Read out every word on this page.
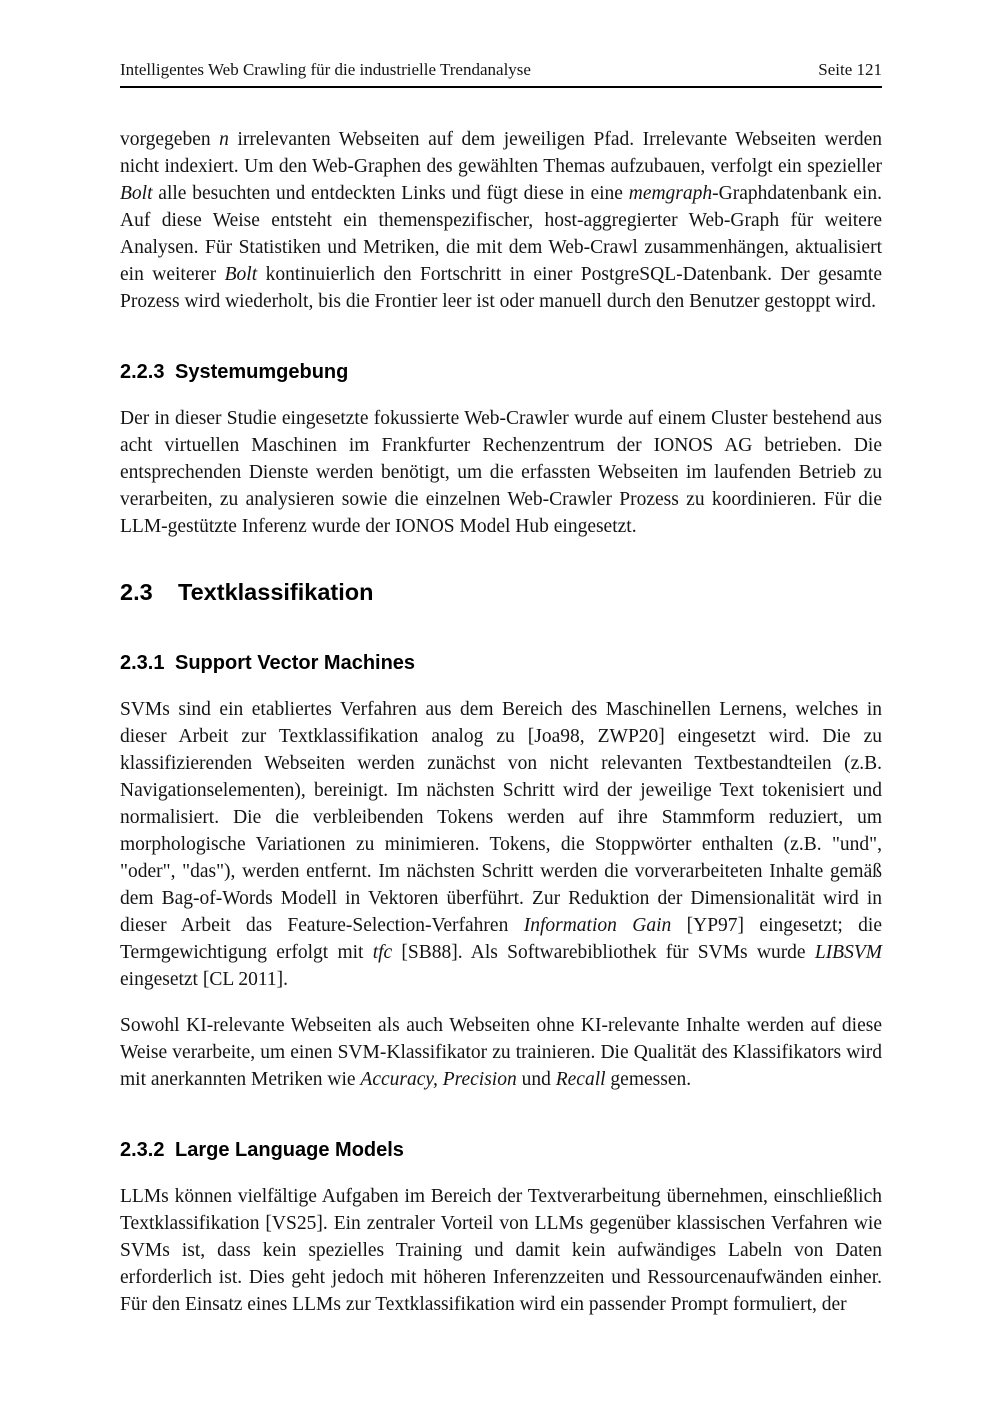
Intelligentes Web Crawling für die industrielle Trendanalyse	Seite 121

vorgegeben n irrelevanten Webseiten auf dem jeweiligen Pfad. Irrelevante Webseiten werden nicht indexiert. Um den Web-Graphen des gewählten Themas aufzubauen, verfolgt ein spezieller Bolt alle besuchten und entdeckten Links und fügt diese in eine memgraph-Graphdatenbank ein. Auf diese Weise entsteht ein themenspezifischer, host-aggregierter Web-Graph für weitere Analysen. Für Statistiken und Metriken, die mit dem Web-Crawl zusammenhängen, aktualisiert ein weiterer Bolt kontinuierlich den Fortschritt in einer PostgreSQL-Datenbank. Der gesamte Prozess wird wiederholt, bis die Frontier leer ist oder manuell durch den Benutzer gestoppt wird.

2.2.3 Systemumgebung

Der in dieser Studie eingesetzte fokussierte Web-Crawler wurde auf einem Cluster bestehend aus acht virtuellen Maschinen im Frankfurter Rechenzentrum der IONOS AG betrieben. Die entsprechenden Dienste werden benötigt, um die erfassten Webseiten im laufenden Betrieb zu verarbeiten, zu analysieren sowie die einzelnen Web-Crawler Prozess zu koordinieren. Für die LLM-gestützte Inferenz wurde der IONOS Model Hub eingesetzt.

2.3 Textklassifikation
2.3.1 Support Vector Machines

SVMs sind ein etabliertes Verfahren aus dem Bereich des Maschinellen Lernens, welches in dieser Arbeit zur Textklassifikation analog zu [Joa98, ZWP20] eingesetzt wird. Die zu klassifizierenden Webseiten werden zunächst von nicht relevanten Textbestandteilen (z.B. Navigationselementen), bereinigt. Im nächsten Schritt wird der jeweilige Text tokenisiert und normalisiert. Die die verbleibenden Tokens werden auf ihre Stammform reduziert, um morphologische Variationen zu minimieren. Tokens, die Stoppwörter enthalten (z.B. "und", "oder", "das"), werden entfernt. Im nächsten Schritt werden die vorverarbeiteten Inhalte gemäß dem Bag-of-Words Modell in Vektoren überführt. Zur Reduktion der Dimensionalität wird in dieser Arbeit das Feature-Selection-Verfahren Information Gain [YP97] eingesetzt; die Termgewichtigung erfolgt mit tfc [SB88]. Als Softwarebibliothek für SVMs wurde LIBSVM eingesetzt [CL 2011].

Sowohl KI-relevante Webseiten als auch Webseiten ohne KI-relevante Inhalte werden auf diese Weise verarbeite, um einen SVM-Klassifikator zu trainieren. Die Qualität des Klassifikators wird mit anerkannten Metriken wie Accuracy, Precision und Recall gemessen.

2.3.2 Large Language Models

LLMs können vielfältige Aufgaben im Bereich der Textverarbeitung übernehmen, einschließlich Textklassifikation [VS25]. Ein zentraler Vorteil von LLMs gegenüber klassischen Verfahren wie SVMs ist, dass kein spezielles Training und damit kein aufwändiges Labeln von Daten erforderlich ist. Dies geht jedoch mit höheren Inferenzzeiten und Ressourcenaufwänden einher. Für den Einsatz eines LLMs zur Textklassifikation wird ein passender Prompt formuliert, der
